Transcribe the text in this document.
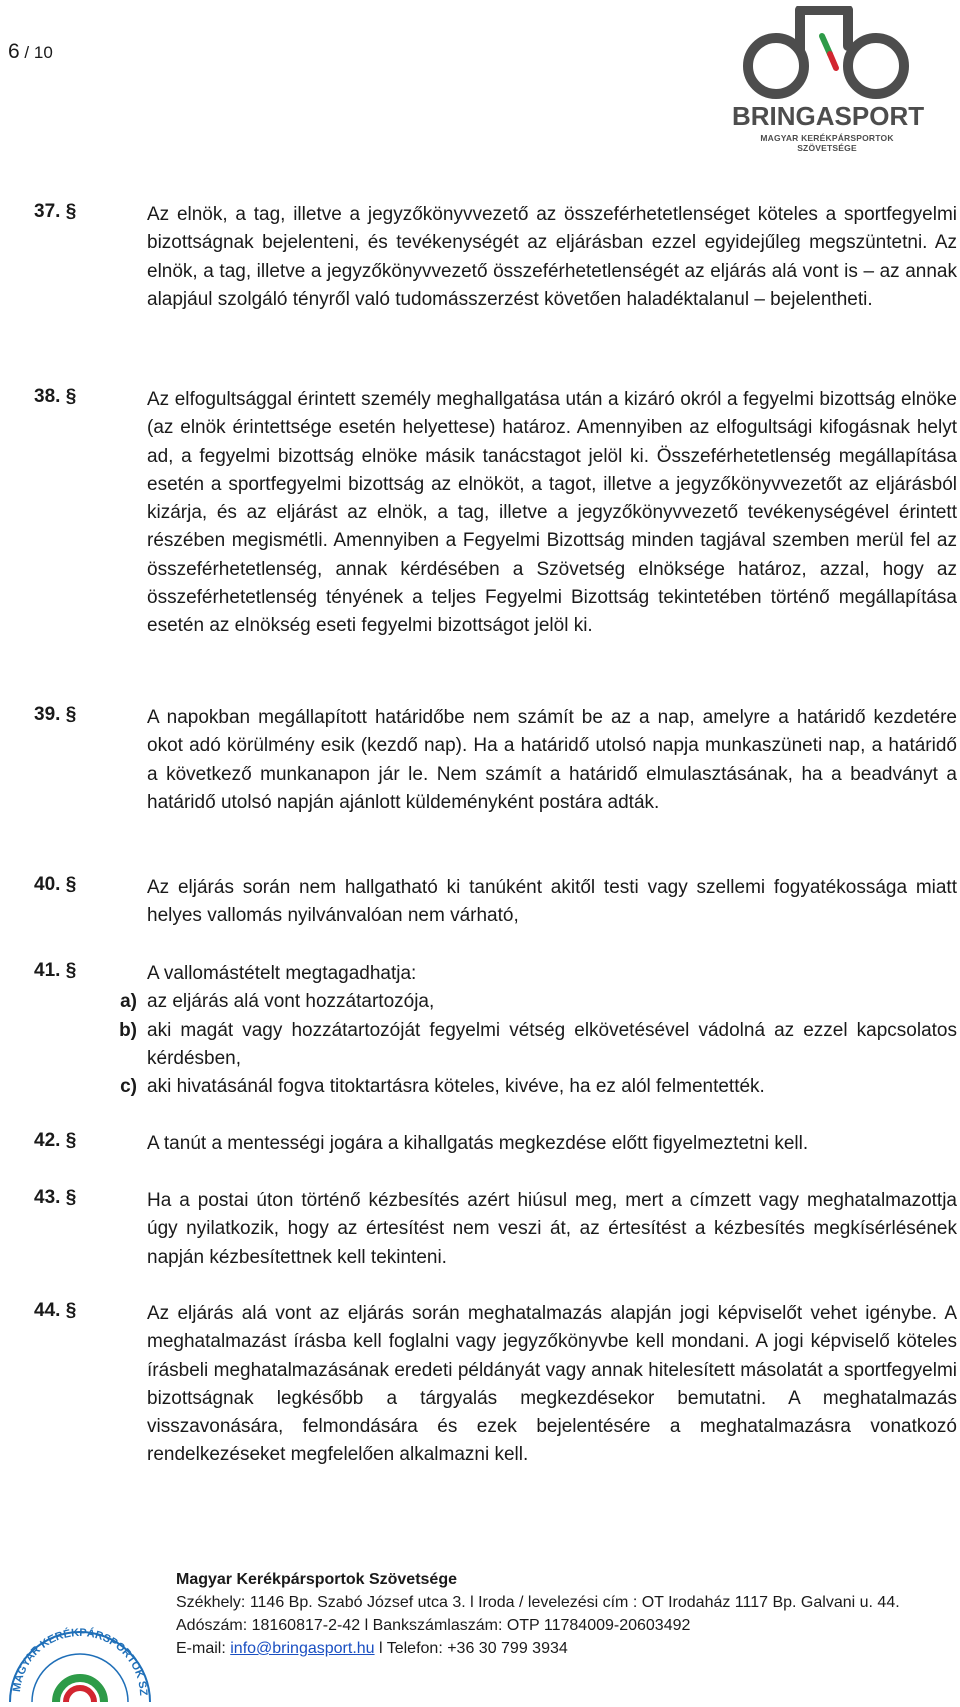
6 / 10
BRINGASPORT
MAGYAR KERÉKPÁRSPORTOK SZÖVETSÉGE
37. §	Az elnök, a tag, illetve a jegyzőkönyvvezető az összeférhetetlenséget köteles a sportfegyelmi bizottságnak bejelenteni, és tevékenységét az eljárásban ezzel egyidejűleg megszüntetni. Az elnök, a tag, illetve a jegyzőkönyvvezető összeférhetetlenségét az eljárás alá vont is – az annak alapjául szolgáló tényről való tudomásszerzést követően haladéktalanul – bejelentheti.

38. §	Az elfogultsággal érintett személy meghallgatása után a kizáró okról a fegyelmi bizottság elnöke (az elnök érintettsége esetén helyettese) határoz. Amennyiben az elfogultsági kifogásnak helyt ad, a fegyelmi bizottság elnöke másik tanácstagot jelöl ki. Összeférhetetlenség megállapítása esetén a sportfegyelmi bizottság az elnököt, a tagot, illetve a jegyzőkönyvvezetőt az eljárásból kizárja, és az eljárást az elnök, a tag, illetve a jegyzőkönyvvezető tevékenységével érintett részében megismétli. Amennyiben a Fegyelmi Bizottság minden tagjával szemben merül fel az összeférhetetlenség, annak kérdésében a Szövetség elnöksége határoz, azzal, hogy az összeférhetetlenség tényének a teljes Fegyelmi Bizottság tekintetében történő megállapítása esetén az elnökség eseti fegyelmi bizottságot jelöl ki.

39. §	A napokban megállapított határidőbe nem számít be az a nap, amelyre a határidő kezdetére okot adó körülmény esik (kezdő nap). Ha a határidő utolsó napja munkaszüneti nap, a határidő a következő munkanapon jár le. Nem számít a határidő elmulasztásának, ha a beadványt a határidő utolsó napján ajánlott küldeményként postára adták.

40. §	Az eljárás során nem hallgatható ki tanúként akitől testi vagy szellemi fogyatékossága miatt helyes vallomás nyilvánvalóan nem várható,

41. §	A vallomástételt megtagadhatja:

a) az eljárás alá vont hozzátartozója,
b) aki magát vagy hozzátartozóját fegyelmi vétség elkövetésével vádolná az ezzel kapcsolatos kérdésben,
c) aki hivatásánál fogva titoktartásra köteles, kivéve, ha ez alól felmentették.
42. §	A tanút a mentességi jogára a kihallgatás megkezdése előtt figyelmeztetni kell.

43. §	Ha a postai úton történő kézbesítés azért hiúsul meg, mert a címzett vagy meghatalmazottja úgy nyilatkozik, hogy az értesítést nem veszi át, az értesítést a kézbesítés megkísérlésének napján kézbesítettnek kell tekinteni.

44. §	Az eljárás alá vont az eljárás során meghatalmazás alapján jogi képviselőt vehet igénybe. A meghatalmazást írásba kell foglalni vagy jegyzőkönyvbe kell mondani. A jogi képviselő köteles írásbeli meghatalmazásának eredeti példányát vagy annak hitelesített másolatát a sportfegyelmi bizottságnak legkésőbb a tárgyalás megkezdésekor bemutatni. A meghatalmazás visszavonására, felmondására és ezek bejelentésére a meghatalmazásra vonatkozó rendelkezéseket megfelelően alkalmazni kell.

MAGYAR KERÉKPÁRSPORTOK SZ
Magyar Kerékpársportok Szövetsége
Székhely: 1146 Bp. Szabó József utca 3. l Iroda / levelezési cím : OT Irodaház 1117 Bp. Galvani u. 44.
Adószám: 18160817-2-42 l Bankszámlaszám: OTP 11784009-20603492
E-mail: info@bringasport.hu l Telefon: +36 30 799 3934
